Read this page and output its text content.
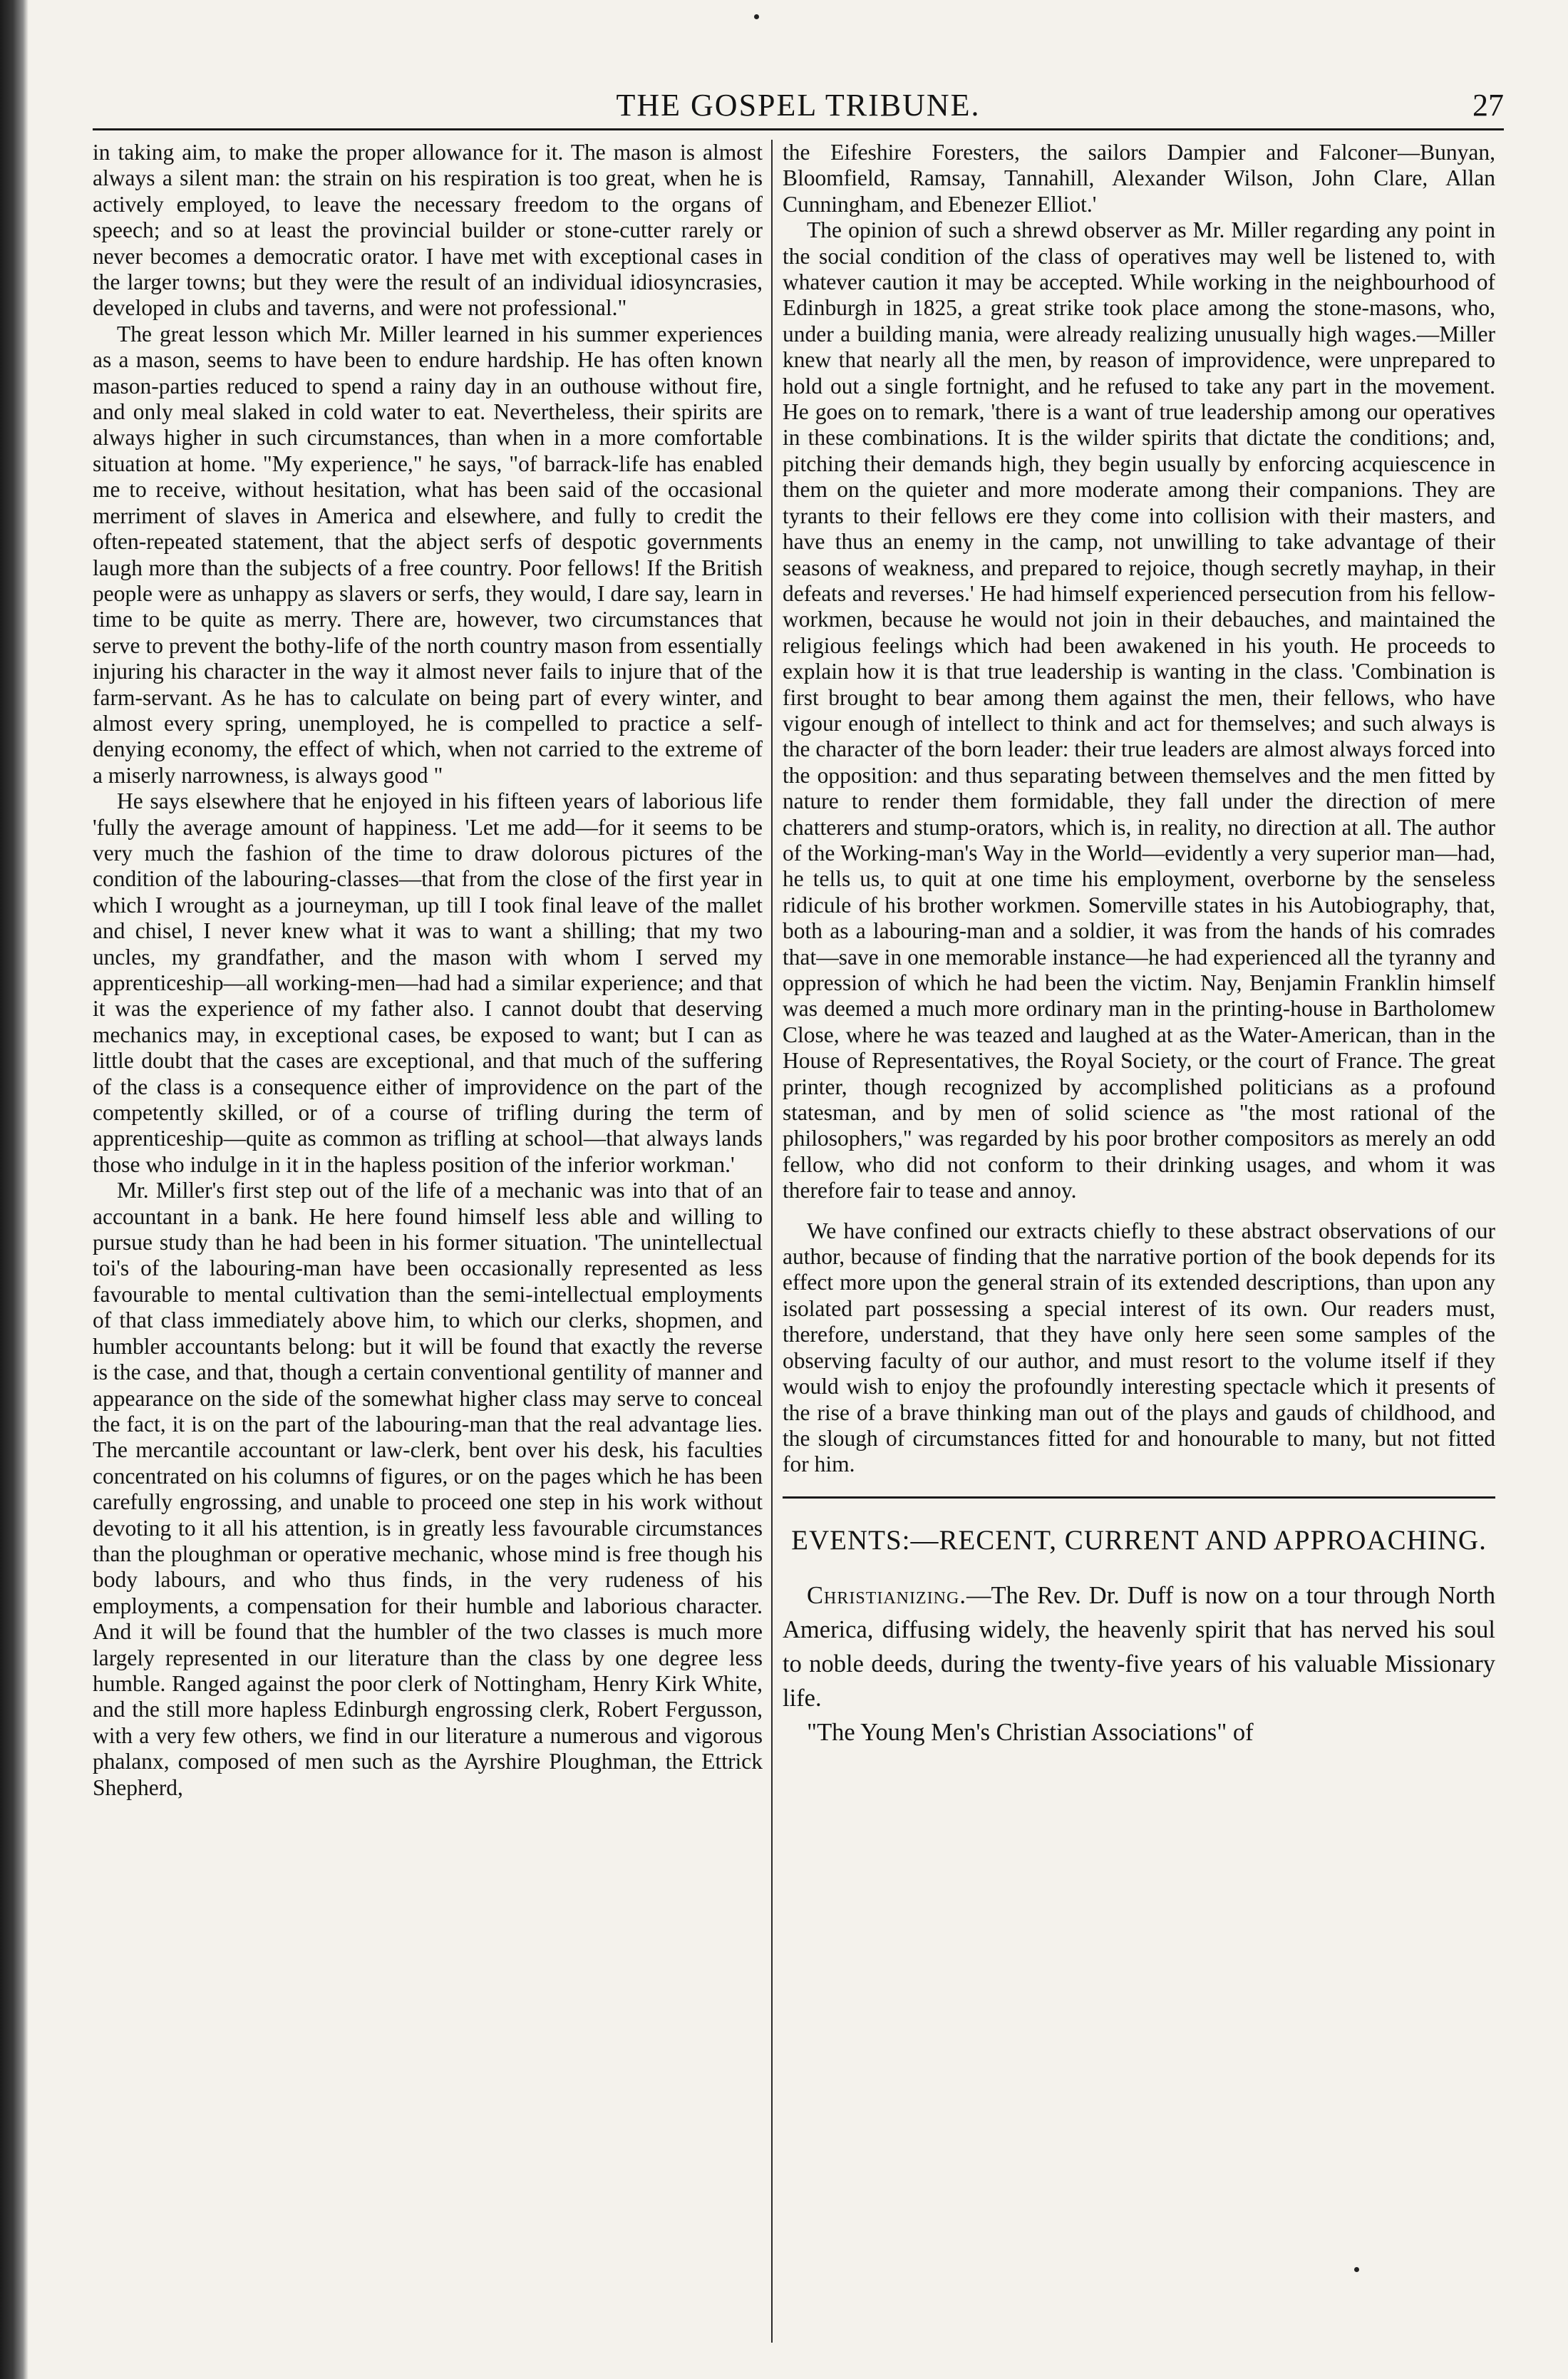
THE GOSPEL TRIBUNE.	27

in taking aim, to make the proper allowance for it. The mason is almost always a silent man: the strain on his respiration is too great, when he is actively employed, to leave the necessary freedom to the organs of speech; and so at least the provincial builder or stone-cutter rarely or never becomes a democratic orator. I have met with exceptional cases in the larger towns; but they were the result of an individual idiosyncrasies, developed in clubs and taverns, and were not professional."

The great lesson which Mr. Miller learned in his summer experiences as a mason, seems to have been to endure hardship. He has often known mason-parties reduced to spend a rainy day in an outhouse without fire, and only meal slaked in cold water to eat. Nevertheless, their spirits are always higher in such circumstances, than when in a more comfortable situation at home. "My experience," he says, "of barrack-life has enabled me to receive, without hesitation, what has been said of the occasional merriment of slaves in America and elsewhere, and fully to credit the often-repeated statement, that the abject serfs of despotic governments laugh more than the subjects of a free country. Poor fellows! If the British people were as unhappy as slavers or serfs, they would, I dare say, learn in time to be quite as merry. There are, however, two circumstances that serve to prevent the bothy-life of the north country mason from essentially injuring his character in the way it almost never fails to injure that of the farm-servant. As he has to calculate on being part of every winter, and almost every spring, unemployed, he is compelled to practice a self-denying economy, the effect of which, when not carried to the extreme of a miserly narrowness, is always good "

He says elsewhere that he enjoyed in his fifteen years of laborious life 'fully the average amount of happiness. 'Let me add—for it seems to be very much the fashion of the time to draw dolorous pictures of the condition of the labouring-classes—that from the close of the first year in which I wrought as a journeyman, up till I took final leave of the mallet and chisel, I never knew what it was to want a shilling; that my two uncles, my grandfather, and the mason with whom I served my apprenticeship—all working-men—had had a similar experience; and that it was the experience of my father also. I cannot doubt that deserving mechanics may, in exceptional cases, be exposed to want; but I can as little doubt that the cases are exceptional, and that much of the suffering of the class is a consequence either of improvidence on the part of the competently skilled, or of a course of trifling during the term of apprenticeship—quite as common as trifling at school—that always lands those who indulge in it in the hapless position of the inferior workman.'

Mr. Miller's first step out of the life of a mechanic was into that of an accountant in a bank. He here found himself less able and willing to pursue study than he had been in his former situation. 'The unintellectual toi's of the labouring-man have been occasionally represented as less favourable to mental cultivation than the semi-intellectual employments of that class immediately above him, to which our clerks, shopmen, and humbler accountants belong: but it will be found that exactly the reverse is the case, and that, though a certain conventional gentility of manner and appearance on the side of the somewhat higher class may serve to conceal the fact, it is on the part of the labouring-man that the real advantage lies. The mercantile accountant or law-clerk, bent over his desk, his faculties concentrated on his columns of figures, or on the pages which he has been carefully engrossing, and unable to proceed one step in his work without devoting to it all his attention, is in greatly less favourable circumstances than the ploughman or operative mechanic, whose mind is free though his body labours, and who thus finds, in the very rudeness of his employments, a compensation for their humble and laborious character. And it will be found that the humbler of the two classes is much more largely represented in our literature than the class by one degree less humble. Ranged against the poor clerk of Nottingham, Henry Kirk White, and the still more hapless Edinburgh engrossing clerk, Robert Fergusson, with a very few others, we find in our literature a numerous and vigorous phalanx, composed of men such as the Ayrshire Ploughman, the Ettrick Shepherd,

the Eifeshire Foresters, the sailors Dampier and Falconer—Bunyan, Bloomfield, Ramsay, Tannahill, Alexander Wilson, John Clare, Allan Cunningham, and Ebenezer Elliot.'

The opinion of such a shrewd observer as Mr. Miller regarding any point in the social condition of the class of operatives may well be listened to, with whatever caution it may be accepted. While working in the neighbourhood of Edinburgh in 1825, a great strike took place among the stone-masons, who, under a building mania, were already realizing unusually high wages.—Miller knew that nearly all the men, by reason of improvidence, were unprepared to hold out a single fortnight, and he refused to take any part in the movement. He goes on to remark, 'there is a want of true leadership among our operatives in these combinations. It is the wilder spirits that dictate the conditions; and, pitching their demands high, they begin usually by enforcing acquiescence in them on the quieter and more moderate among their companions. They are tyrants to their fellows ere they come into collision with their masters, and have thus an enemy in the camp, not unwilling to take advantage of their seasons of weakness, and prepared to rejoice, though secretly mayhap, in their defeats and reverses.' He had himself experienced persecution from his fellow-workmen, because he would not join in their debauches, and maintained the religious feelings which had been awakened in his youth. He proceeds to explain how it is that true leadership is wanting in the class. 'Combination is first brought to bear among them against the men, their fellows, who have vigour enough of intellect to think and act for themselves; and such always is the character of the born leader: their true leaders are almost always forced into the opposition: and thus separating between themselves and the men fitted by nature to render them formidable, they fall under the direction of mere chatterers and stump-orators, which is, in reality, no direction at all. The author of the Working-man's Way in the World—evidently a very superior man—had, he tells us, to quit at one time his employment, overborne by the senseless ridicule of his brother workmen. Somerville states in his Autobiography, that, both as a labouring-man and a soldier, it was from the hands of his comrades that—save in one memorable instance—he had experienced all the tyranny and oppression of which he had been the victim. Nay, Benjamin Franklin himself was deemed a much more ordinary man in the printing-house in Bartholomew Close, where he was teazed and laughed at as the Water-American, than in the House of Representatives, the Royal Society, or the court of France. The great printer, though recognized by accomplished politicians as a profound statesman, and by men of solid science as "the most rational of the philosophers," was regarded by his poor brother compositors as merely an odd fellow, who did not conform to their drinking usages, and whom it was therefore fair to tease and annoy.

We have confined our extracts chiefly to these abstract observations of our author, because of finding that the narrative portion of the book depends for its effect more upon the general strain of its extended descriptions, than upon any isolated part possessing a special interest of its own. Our readers must, therefore, understand, that they have only here seen some samples of the observing faculty of our author, and must resort to the volume itself if they would wish to enjoy the profoundly interesting spectacle which it presents of the rise of a brave thinking man out of the plays and gauds of childhood, and the slough of circumstances fitted for and honourable to many, but not fitted for him.

EVENTS:—RECENT, CURRENT AND APPROACHING.

Christianizing.—The Rev. Dr. Duff is now on a tour through North America, diffusing widely, the heavenly spirit that has nerved his soul to noble deeds, during the twenty-five years of his valuable Missionary life.

"The Young Men's Christian Associations" of
